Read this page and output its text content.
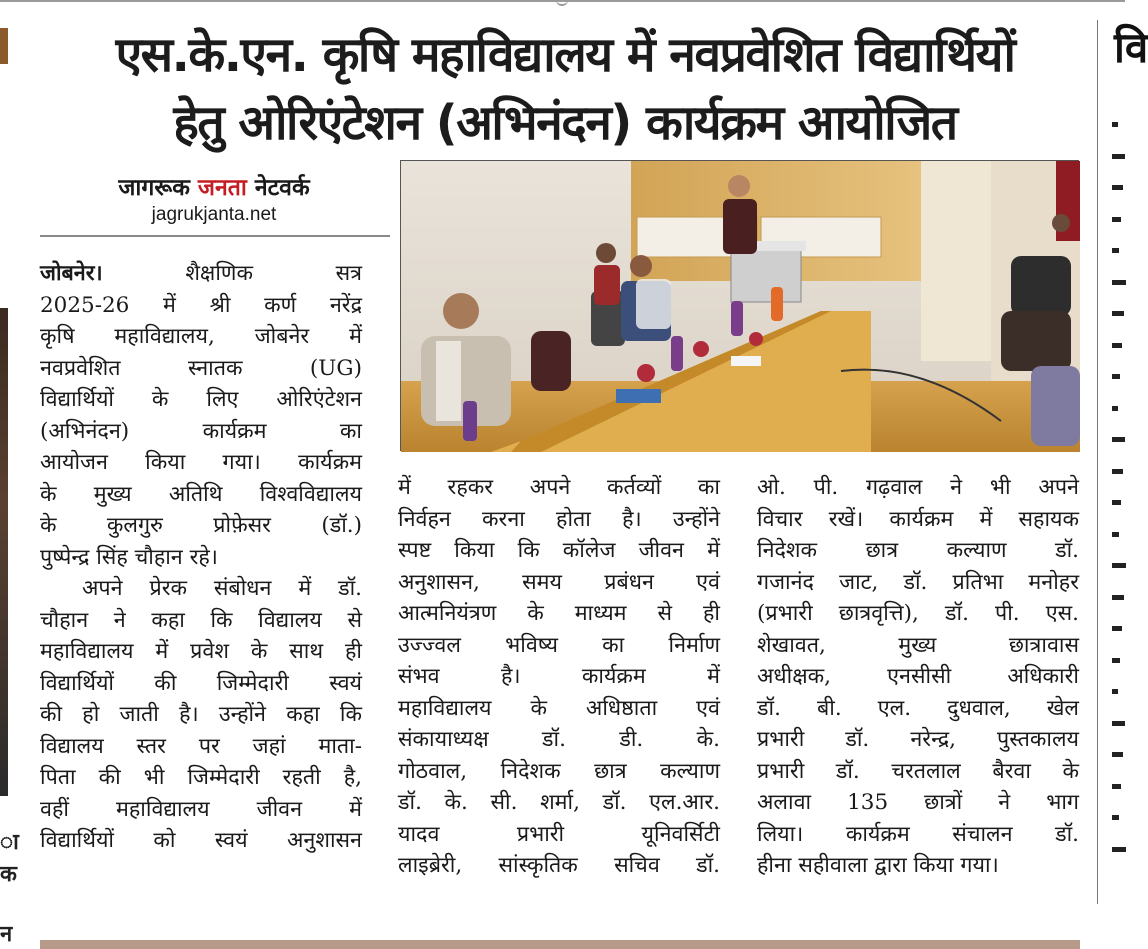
ा
क
न
वि
एस.के.एन. कृषि महाविद्यालय में नवप्रवेशित विद्यार्थियों
हेतु ओरिएंटेशन (अभिनंदन) कार्यक्रम आयोजित
जागरूक जनता नेटवर्क
jagrukjanta.net
जोबनेर।	शैक्षणिक सत्र
2025-26 में श्री कर्ण नरेंद्र
कृषि महाविद्यालय, जोबनेर में
नवप्रवेशित स्नातक (UG)
विद्यार्थियों के लिए ओरिएंटेशन
(अभिनंदन) कार्यक्रम का
आयोजन किया गया। कार्यक्रम
के मुख्य अतिथि विश्वविद्यालय
के कुलगुरु प्रोफ़ेसर (डॉ.)
पुष्पेन्द्र सिंह चौहान रहे।
अपने प्रेरक संबोधन में डॉ.
चौहान ने कहा कि विद्यालय से
महाविद्यालय में प्रवेश के साथ ही
विद्यार्थियों की जिम्मेदारी स्वयं
की हो जाती है। उन्होंने कहा कि
विद्यालय स्तर पर जहां माता-
पिता की भी जिम्मेदारी रहती है,
वहीं महाविद्यालय जीवन में
विद्यार्थियों को स्वयं अनुशासन
में रहकर अपने कर्तव्यों का
निर्वहन करना होता है। उन्होंने
स्पष्ट किया कि कॉलेज जीवन में
अनुशासन, समय प्रबंधन एवं
आत्मनियंत्रण के माध्यम से ही
उज्ज्वल भविष्य का निर्माण
संभव है। कार्यक्रम में
महाविद्यालय के अधिष्ठाता एवं
संकायाध्यक्ष डॉ. डी. के.
गोठवाल, निदेशक छात्र कल्याण
डॉ. के. सी. शर्मा, डॉ. एल.आर.
यादव प्रभारी यूनिवर्सिटी
लाइब्रेरी, सांस्कृतिक सचिव डॉ.
ओ. पी. गढ़वाल ने भी अपने
विचार रखें। कार्यक्रम में सहायक
निदेशक छात्र कल्याण डॉ.
गजानंद जाट, डॉ. प्रतिभा मनोहर
(प्रभारी छात्रवृत्ति), डॉ. पी. एस.
शेखावत, मुख्य छात्रावास
अधीक्षक, एनसीसी अधिकारी
डॉ. बी. एल. दुधवाल, खेल
प्रभारी डॉ. नरेन्द्र, पुस्तकालय
प्रभारी डॉ. चरतलाल बैरवा के
अलावा 135 छात्रों ने भाग
लिया। कार्यक्रम संचालन डॉ.
हीना सहीवाला द्वारा किया गया।
